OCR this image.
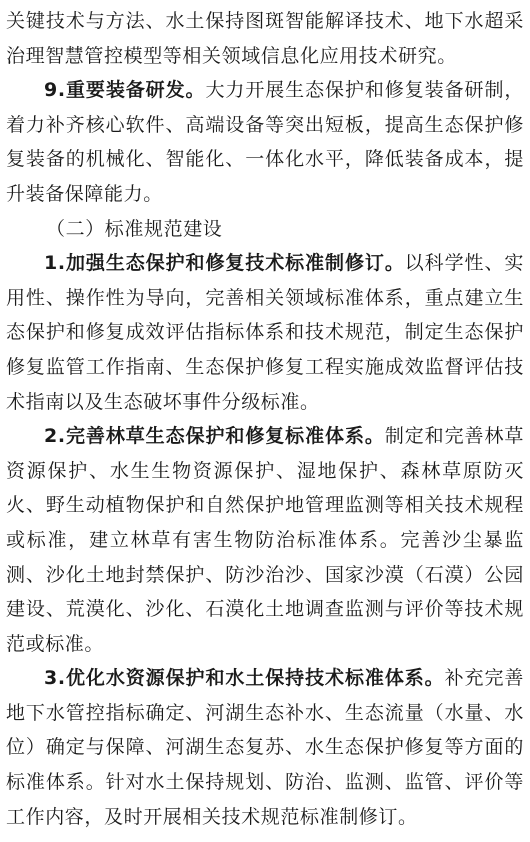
关键技术与方法、水土保持图斑智能解译技术、地下水超采治理智慧管控模型等相关领域信息化应用技术研究。

9.重要装备研发。大力开展生态保护和修复装备研制，着力补齐核心软件、高端设备等突出短板，提高生态保护修复装备的机械化、智能化、一体化水平，降低装备成本，提升装备保障能力。

（二）标准规范建设

1.加强生态保护和修复技术标准制修订。以科学性、实用性、操作性为导向，完善相关领域标准体系，重点建立生态保护和修复成效评估指标体系和技术规范，制定生态保护修复监管工作指南、生态保护修复工程实施成效监督评估技术指南以及生态破坏事件分级标准。

2.完善林草生态保护和修复标准体系。制定和完善林草资源保护、水生生物资源保护、湿地保护、森林草原防灭火、野生动植物保护和自然保护地管理监测等相关技术规程或标准，建立林草有害生物防治标准体系。完善沙尘暴监测、沙化土地封禁保护、防沙治沙、国家沙漠（石漠）公园建设、荒漠化、沙化、石漠化土地调查监测与评价等技术规范或标准。

3.优化水资源保护和水土保持技术标准体系。补充完善地下水管控指标确定、河湖生态补水、生态流量（水量、水位）确定与保障、河湖生态复苏、水生态保护修复等方面的标准体系。针对水土保持规划、防治、监测、监管、评价等工作内容，及时开展相关技术规范标准制修订。
